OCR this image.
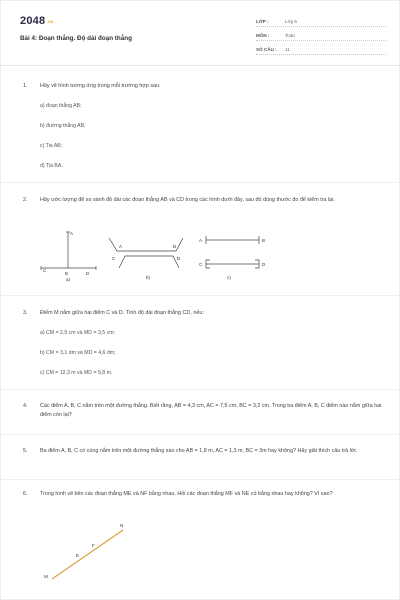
2048.VN
Bài 4: Đoạn thẳng. Độ dài đoạn thẳng
LỚP :	Lớp 6
MÔN :	Toán
SỐ CÂU : 11
1. Hãy vẽ hình tương ứng trong mỗi trường hợp sau:
a) đoạn thẳng AB;
b) đường thẳng AB;
c) Tia AB;
d) Tia BA.
2. Hãy ước lượng để so sánh độ dài các đoạn thẳng AB và CD trong các hình dưới đây, sau đó dùng thước đo để kiểm tra lại.
A
C
B	D
a)
A	B
C	D
b)
A	B
C	D
c)
3. Điểm M nằm giữa hai điểm C và D. Tính độ dài đoạn thẳng CD, nếu:
a) CM = 2,5 cm và MD = 3,5 cm;
b) CM = 3,1 dm và MD = 4,6 dm;
c) CM = 12,3 m và MD = 5,8 m.
4. Các điểm A, B, C nằm trên một đường thẳng. Biết rằng, AB = 4,3 cm, AC = 7,5 cm, BC = 3,2 cm. Trong ba điểm A, B, C điểm nào nằm giữa hai điểm còn lại?
5. Ba điểm A, B, C có cùng nằm trên một đường thẳng sao cho AB = 1,8 m, AC = 1,3 m, BC = 3m hay không? Hãy giải thích câu trả lời.
6. Trong hình vẽ bên các đoạn thẳng ME và NF bằng nhau. Hỏi các đoạn thẳng MF và NE có bằng nhau hay không? Vì sao?
N
F
E
M
